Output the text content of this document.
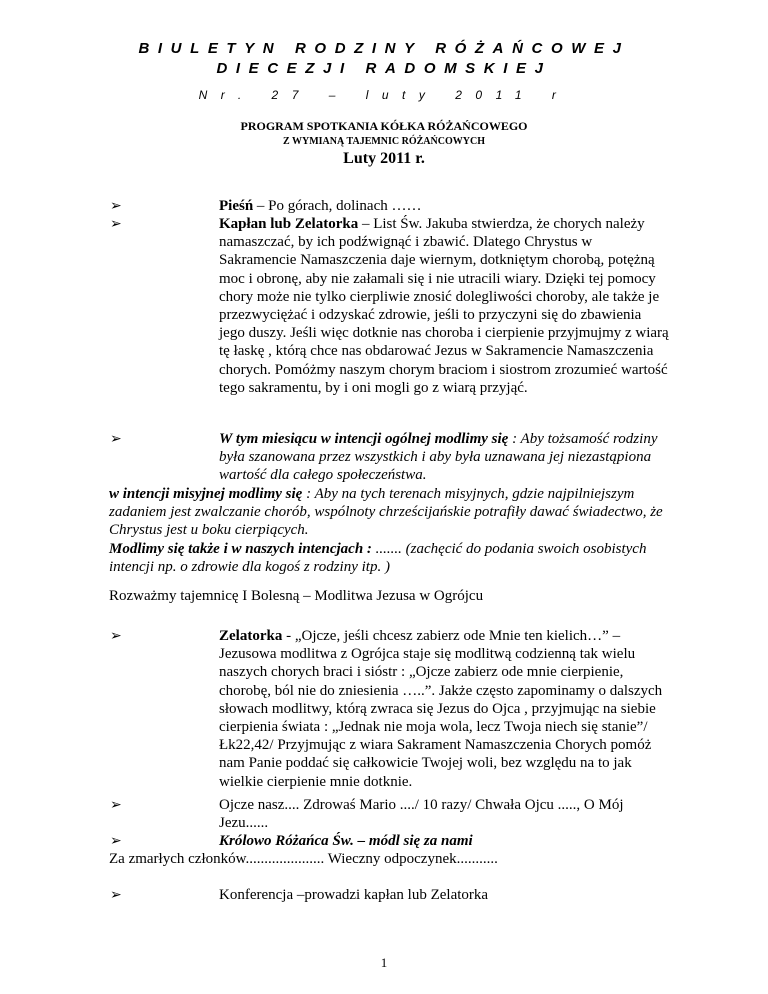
BIULETYN RODZINY RÓŻAŃCOWEJ
DIECEZJI RADOMSKIEJ
Nr. 27 – luty 2011 r
PROGRAM SPOTKANIA KÓŁKA RÓŻAŃCOWEGO
Z WYMIANĄ TAJEMNIC RÓŻAŃCOWYCH
Luty 2011 r.
➢	Pieśń – Po górach, dolinach ……
➢	Kapłan lub Zelatorka – List Św. Jakuba stwierdza, że chorych należy namaszczać, by ich podźwignąć i zbawić. Dlatego Chrystus w Sakramencie Namaszczenia daje wiernym, dotkniętym chorobą, potężną moc i obronę, aby nie załamali się i nie utracili wiary. Dzięki tej pomocy chory może nie tylko cierpliwie znosić dolegliwości choroby, ale także je przezwyciężać i odzyskać zdrowie, jeśli to przyczyni się do zbawienia jego duszy. Jeśli więc dotknie nas choroba i cierpienie przyjmujmy z wiarą tę łaskę , którą chce nas obdarować Jezus w Sakramencie Namaszczenia chorych. Pomóżmy naszym chorym braciom i siostrom zrozumieć wartość tego sakramentu, by i oni mogli go z wiarą przyjąć.
➢	W tym miesiącu w intencji ogólnej modlimy się : Aby tożsamość rodziny była szanowana przez wszystkich i aby była uznawana jej niezastąpiona wartość dla całego społeczeństwa.
w intencji misyjnej modlimy się : Aby na tych terenach misyjnych, gdzie najpilniejszym zadaniem jest zwalczanie chorób, wspólnoty chrześcijańskie potrafiły dawać świadectwo, że Chrystus jest u boku cierpiących.
Modlimy się także i w naszych intencjach : ....... (zachęcić do podania swoich osobistych intencji np. o zdrowie dla kogoś z rodziny itp. )
Rozważmy tajemnicę I Bolesną – Modlitwa Jezusa w Ogrójcu
➢	Zelatorka - „Ojcze, jeśli chcesz zabierz ode Mnie ten kielich…” – Jezusowa modlitwa z Ogrójca staje się modlitwą codzienną tak wielu naszych chorych braci i sióstr : „Ojcze zabierz ode mnie cierpienie, chorobę, ból nie do zniesienia …..”. Jakże często zapominamy o dalszych słowach modlitwy, którą zwraca się Jezus do Ojca , przyjmując na siebie cierpienia świata : „Jednak nie moja wola, lecz Twoja niech się stanie”/Łk22,42/ Przyjmując z wiara Sakrament Namaszczenia Chorych pomóż nam Panie poddać się całkowicie Twojej woli, bez względu na to jak wielkie cierpienie mnie dotknie.
➢	Ojcze nasz.... Zdrowaś Mario ..../ 10 razy/ Chwała Ojcu ....., O Mój Jezu......
➢	Królowo Różańca Św. – módl się za nami
Za zmarłych członków..................... Wieczny odpoczynek...........
➢	Konferencja –prowadzi kapłan lub Zelatorka
1
